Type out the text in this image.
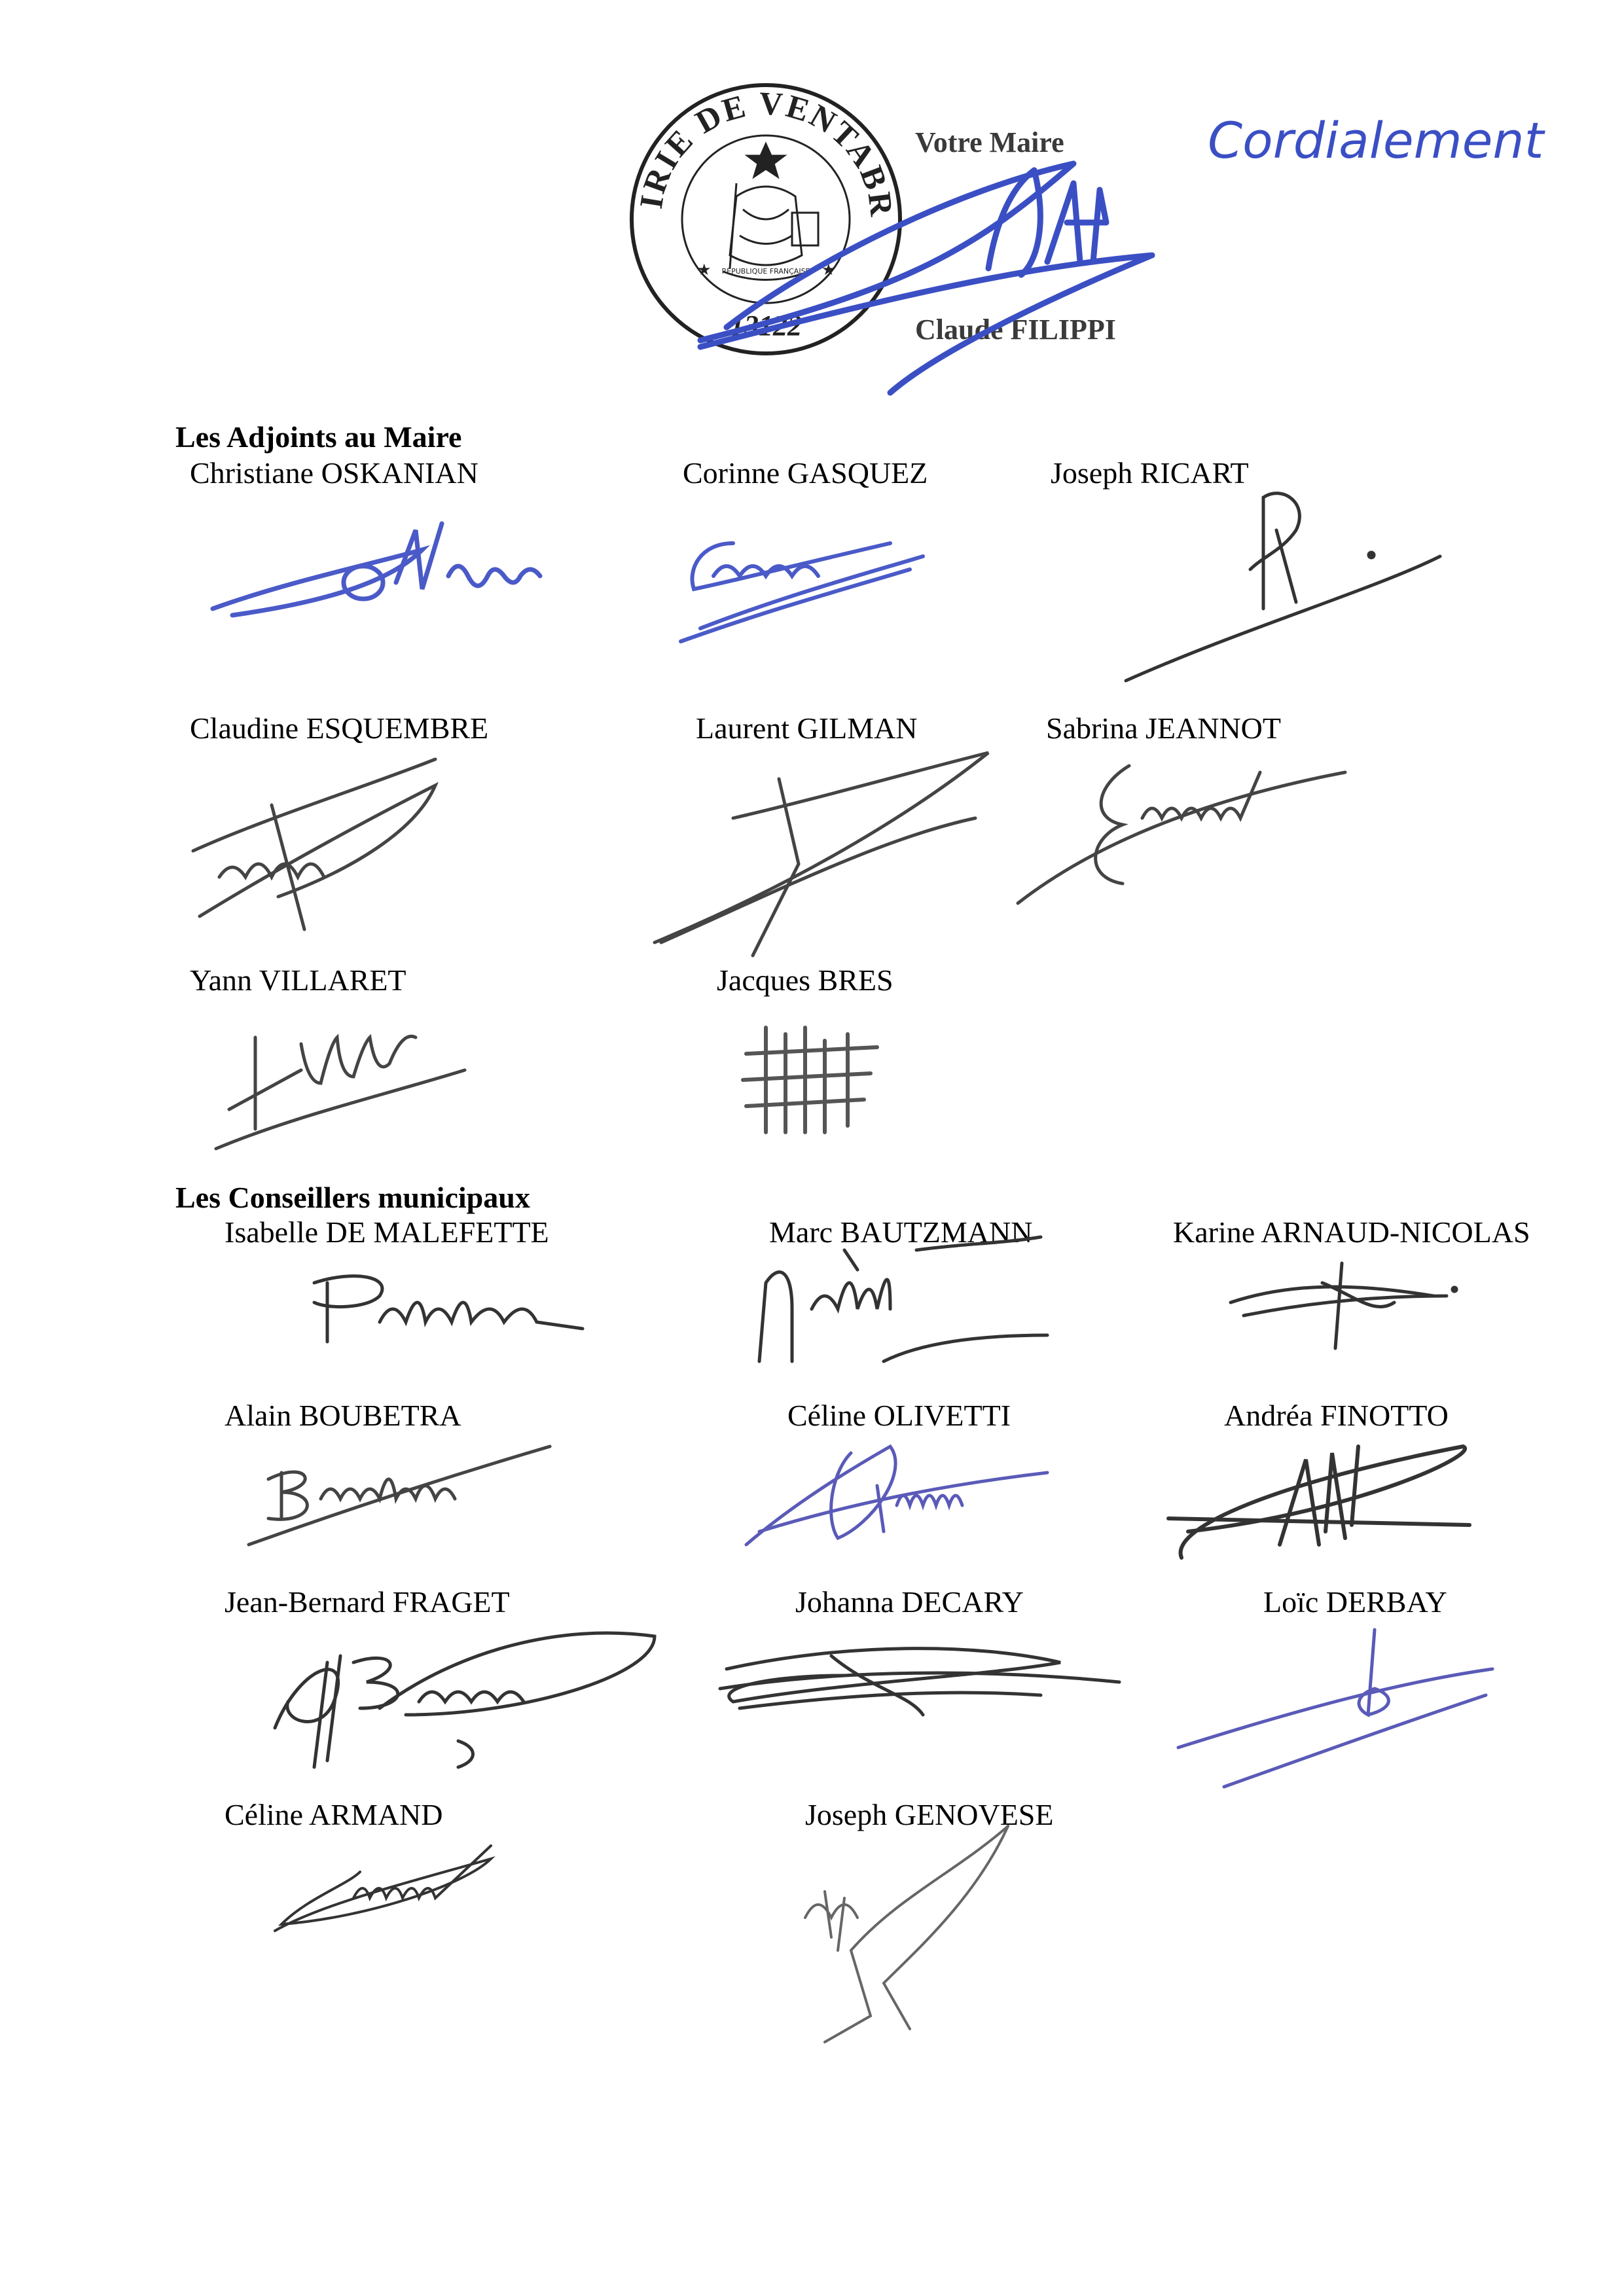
MAIRIE DE VENTABREN
RÉPUBLIQUE FRANÇAISE
★	★
13122
Votre Maire
Claude FILIPPI
Cordialement
Les Adjoints au Maire
Christiane OSKANIAN	Corinne GASQUEZ	Joseph RICART
Claudine ESQUEMBRE	Laurent GILMAN	Sabrina JEANNOT
Yann VILLARET	Jacques BRES
Les Conseillers municipaux
Isabelle DE MALEFETTE	Marc BAUTZMANN	Karine ARNAUD-NICOLAS
Alain BOUBETRA	Céline OLIVETTI	Andréa FINOTTO
Jean-Bernard FRAGET	Johanna DECARY	Loïc DERBAY
Céline ARMAND	Joseph GENOVESE
